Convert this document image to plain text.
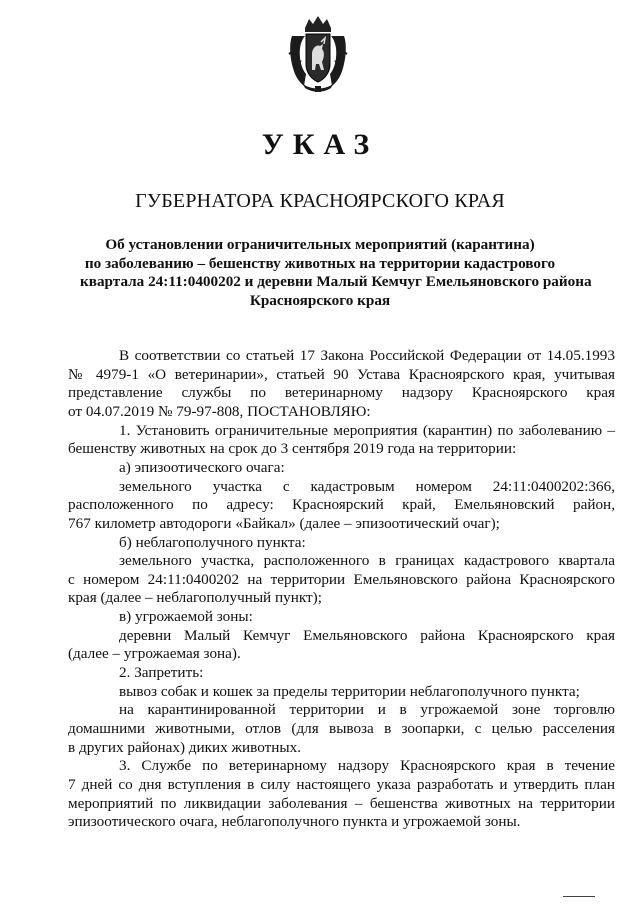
УКАЗ
ГУБЕРНАТОРА КРАСНОЯРСКОГО КРАЯ
Об установлении ограничительных мероприятий (карантина)
по заболеванию – бешенству животных на территории кадастрового
квартала 24:11:0400202 и деревни Малый Кемчуг Емельяновского района
Красноярского края
В соответствии со статьей 17 Закона Российской Федерации от 14.05.1993
№ 4979-1 «О ветеринарии», статьей 90 Устава Красноярского края, учитывая
представление службы по ветеринарному надзору Красноярского края
от 04.07.2019 № 79-97-808, ПОСТАНОВЛЯЮ:
1. Установить ограничительные мероприятия (карантин) по заболеванию –
бешенству животных на срок до 3 сентября 2019 года на территории:
а) эпизоотического очага:
земельного участка с кадастровым номером 24:11:0400202:366,
расположенного по адресу: Красноярский край, Емельяновский район,
767 километр автодороги «Байкал» (далее – эпизоотический очаг);
б) неблагополучного пункта:
земельного участка, расположенного в границах кадастрового квартала
с номером 24:11:0400202 на территории Емельяновского района Красноярского
края (далее – неблагополучный пункт);
в) угрожаемой зоны:
деревни Малый Кемчуг Емельяновского района Красноярского края
(далее – угрожаемая зона).
2. Запретить:
вывоз собак и кошек за пределы территории неблагополучного пункта;
на карантинированной территории и в угрожаемой зоне торговлю
домашними животными, отлов (для вывоза в зоопарки, с целью расселения
в других районах) диких животных.
3. Службе по ветеринарному надзору Красноярского края в течение
7 дней со дня вступления в силу настоящего указа разработать и утвердить план
мероприятий по ликвидации заболевания – бешенства животных на территории
эпизоотического очага, неблагополучного пункта и угрожаемой зоны.
